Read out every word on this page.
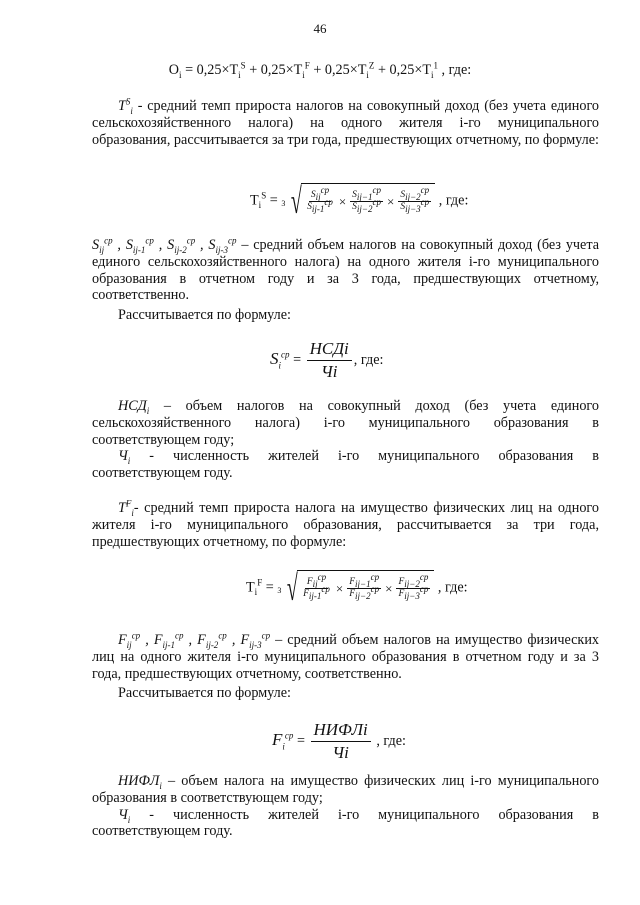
46
$O_i = 0,25\times T_i^S + 0,25\times T_i^F + 0,25\times T_i^Z + 0,25\times T_i^1$ , где:

$T^S_i$ - средний темп прироста налогов на совокупный доход (без учета единого сельскохозяйственного налога) на одного жителя i-го муниципального образования, рассчитывается за три года, предшествующих отчетному, по формуле:

$T_i^S = 3$ √ $\frac{S_{ij}^{cp}}{S_{ij-1}^{cp}} \times \frac{S_{ij-1}^{cp}}{S_{ij-2}^{cp}} \times \frac{S_{ij-2}^{cp}}{S_{ij-3}^{cp}}$ , где:

$S_{ij}^{cp}$ , $S_{ij-1}^{cp}$ , $S_{ij-2}^{cp}$ , $S_{ij-3}^{cp}$ – средний объем налогов на совокупный доход (без учета единого сельскохозяйственного налога) на одного жителя i-го муниципального образования в отчетном году и за 3 года, предшествующих отчетному, соответственно.

Рассчитывается по формуле:

$S_i^{cp} = \frac{\text{НСДi}}{Чi}$ , где:

$НСД_i$ – объем налогов на совокупный доход (без учета единого сельскохозяйственного налога) i-го муниципального образования в соответствующем году;

$Ч_i$ - численность жителей i-го муниципального образования в соответствующем году.

$T^F_i-$ средний темп прироста налога на имущество физических лиц на одного жителя i-го муниципального образования, рассчитывается за три года, предшествующих отчетному, по формуле:

$T_i^F = 3$ √ $\frac{F_{ij}^{cp}}{F_{ij-1}^{cp}} \times \frac{F_{ij-1}^{cp}}{F_{ij-2}^{cp}} \times \frac{F_{ij-2}^{cp}}{F_{ij-3}^{cp}}$ , где:

$F_{ij}^{cp}$ , $F_{ij-1}^{cp}$ , $F_{ij-2}^{cp}$ , $F_{ij-3}^{cp}$ – средний объем налогов на имущество физических лиц на одного жителя i-го муниципального образования в отчетном году и за 3 года, предшествующих отчетному, соответственно.

Рассчитывается по формуле:

$F_i^{cp} = \frac{\text{НИФЛi}}{Чi}$ , где:

$НИФЛ_i$ – объем налога на имущество физических лиц i-го муниципального образования в соответствующем году;

$Ч_i$ - численность жителей i-го муниципального образования в соответствующем году.
